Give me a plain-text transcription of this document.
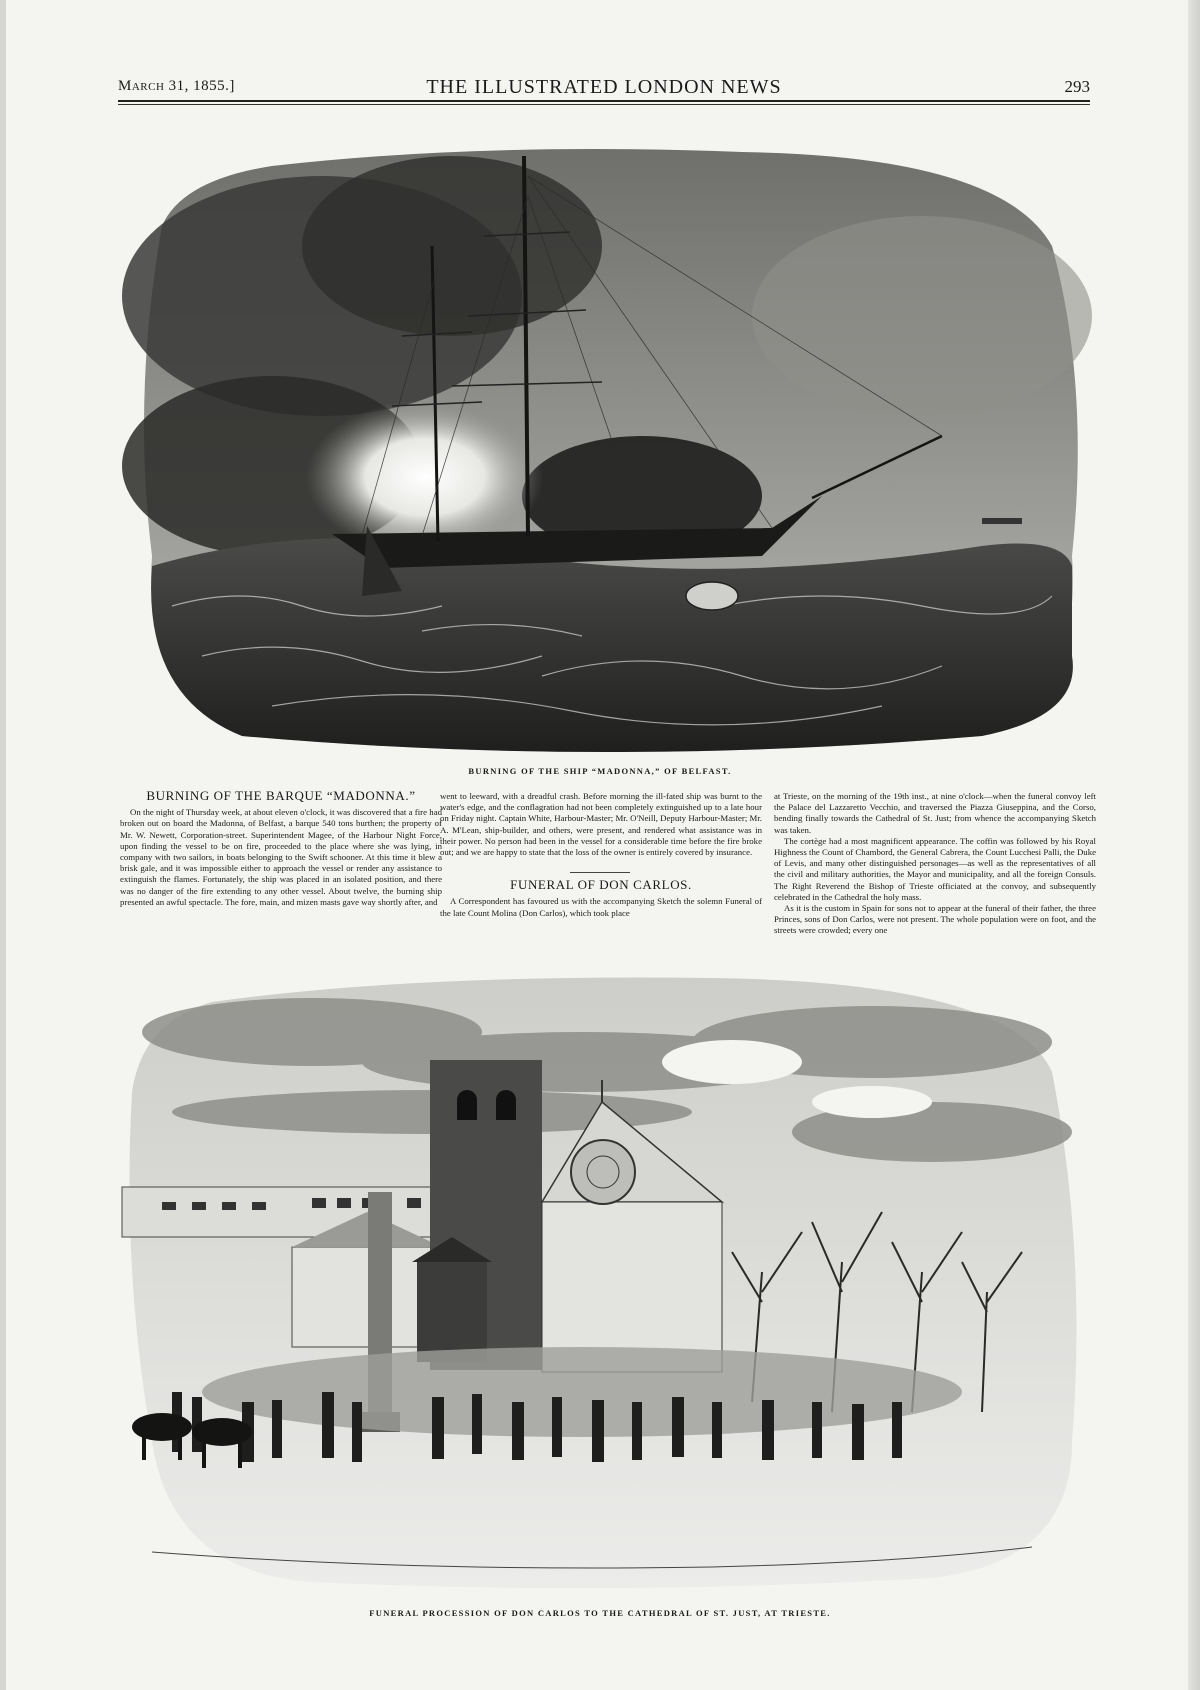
March 31, 1855.]	THE ILLUSTRATED LONDON NEWS	293
BURNING OF THE SHIP “MADONNA,” OF BELFAST.
BURNING OF THE BARQUE “MADONNA.”

On the night of Thursday week, at about eleven o'clock, it was discovered that a fire had broken out on board the Madonna, of Belfast, a barque 540 tons burthen; the property of Mr. W. Newett, Corporation-street. Superintendent Magee, of the Harbour Night Force, upon finding the vessel to be on fire, proceeded to the place where she was lying, in company with two sailors, in boats belonging to the Swift schooner. At this time it blew a brisk gale, and it was impossible either to approach the vessel or render any assistance to extinguish the flames. Fortunately, the ship was placed in an isolated position, and there was no danger of the fire extending to any other vessel. About twelve, the burning ship presented an awful spectacle. The fore, main, and mizen masts gave way shortly after, and

went to leeward, with a dreadful crash. Before morning the ill-fated ship was burnt to the water's edge, and the conflagration had not been completely extinguished up to a late hour on Friday night. Captain White, Harbour-Master; Mr. O'Neill, Deputy Harbour-Master; Mr. A. M'Lean, ship-builder, and others, were present, and rendered what assistance was in their power. No person had been in the vessel for a considerable time before the fire broke out; and we are happy to state that the loss of the owner is entirely covered by insurance.

FUNERAL OF DON CARLOS.

A Correspondent has favoured us with the accompanying Sketch the solemn Funeral of the late Count Molina (Don Carlos), which took place

at Trieste, on the morning of the 19th inst., at nine o'clock—when the funeral convoy left the Palace del Lazzaretto Vecchio, and traversed the Piazza Giuseppina, and the Corso, bending finally towards the Cathedral of St. Just; from whence the accompanying Sketch was taken.

The cortège had a most magnificent appearance. The coffin was followed by his Royal Highness the Count of Chambord, the General Cabrera, the Count Lucchesi Palli, the Duke of Levis, and many other distinguished personages—as well as the representatives of all the civil and military authorities, the Mayor and municipality, and all the foreign Consuls. The Right Reverend the Bishop of Trieste officiated at the convoy, and subsequently celebrated in the Cathedral the holy mass.

As it is the custom in Spain for sons not to appear at the funeral of their father, the three Princes, sons of Don Carlos, were not present. The whole population were on foot, and the streets were crowded; every one

FUNERAL PROCESSION OF DON CARLOS TO THE CATHEDRAL OF ST. JUST, AT TRIESTE.
